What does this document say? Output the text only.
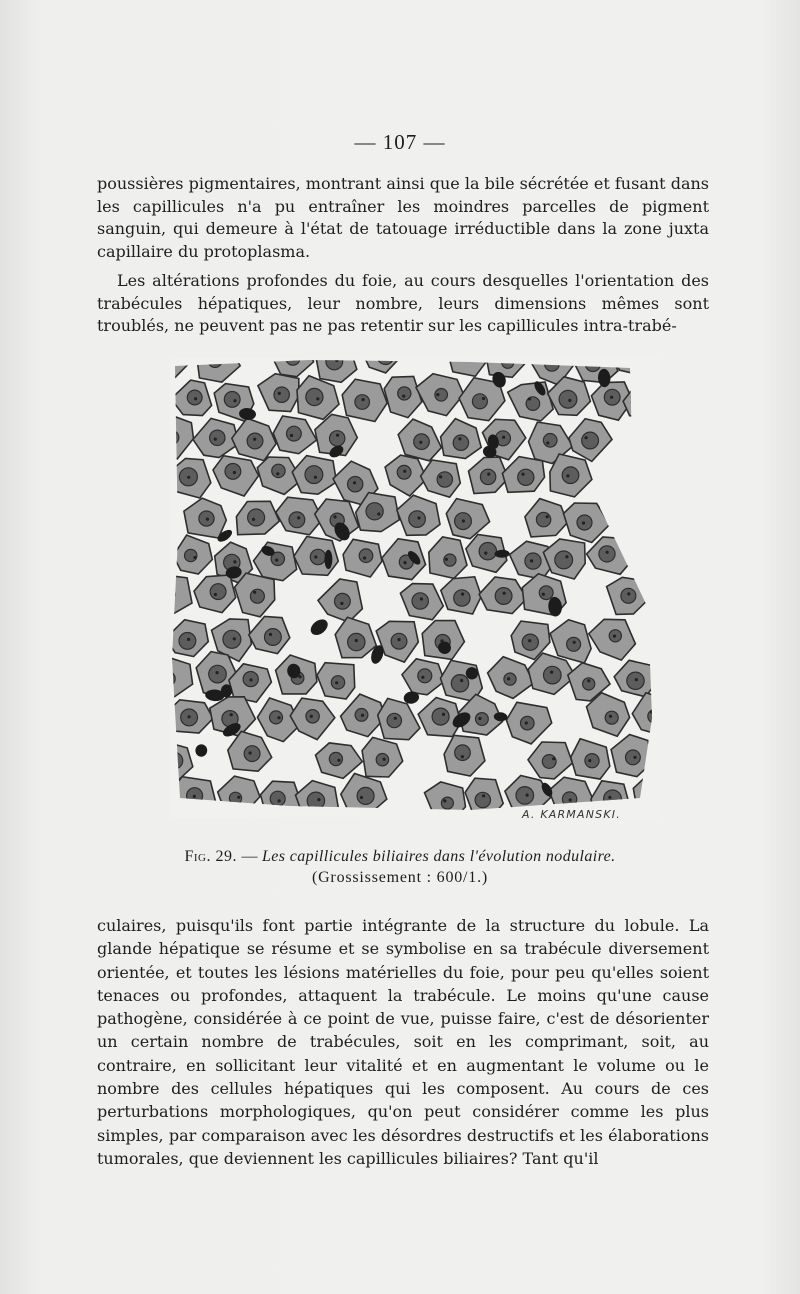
— 107 —

poussières pigmentaires, montrant ainsi que la bile sécrétée et fusant dans les capillicules n'a pu entraîner les moindres parcelles de pigment sanguin, qui demeure à l'état de tatouage irréductible dans la zone juxta capillaire du protoplasma.

Les altérations profondes du foie, au cours desquelles l'orientation des trabécules hépatiques, leur nombre, leurs dimensions mêmes sont troublés, ne peuvent pas ne pas retentir sur les capillicules intra-trabé-

A. KARMANSKI.
Fig. 29. — Les capillicules biliaires dans l'évolution nodulaire.
(Grossissement : 600/1.)

culaires, puisqu'ils font partie intégrante de la structure du lobule. La glande hépatique se résume et se symbolise en sa trabécule diversement orientée, et toutes les lésions matérielles du foie, pour peu qu'elles soient tenaces ou profondes, attaquent la trabécule. Le moins qu'une cause pathogène, considérée à ce point de vue, puisse faire, c'est de désorienter un certain nombre de trabécules, soit en les comprimant, soit, au contraire, en sollicitant leur vitalité et en augmentant le volume ou le nombre des cellules hépatiques qui les composent. Au cours de ces perturbations morphologiques, qu'on peut considérer comme les plus simples, par comparaison avec les désordres destructifs et les élaborations tumorales, que deviennent les capillicules biliaires? Tant qu'il
